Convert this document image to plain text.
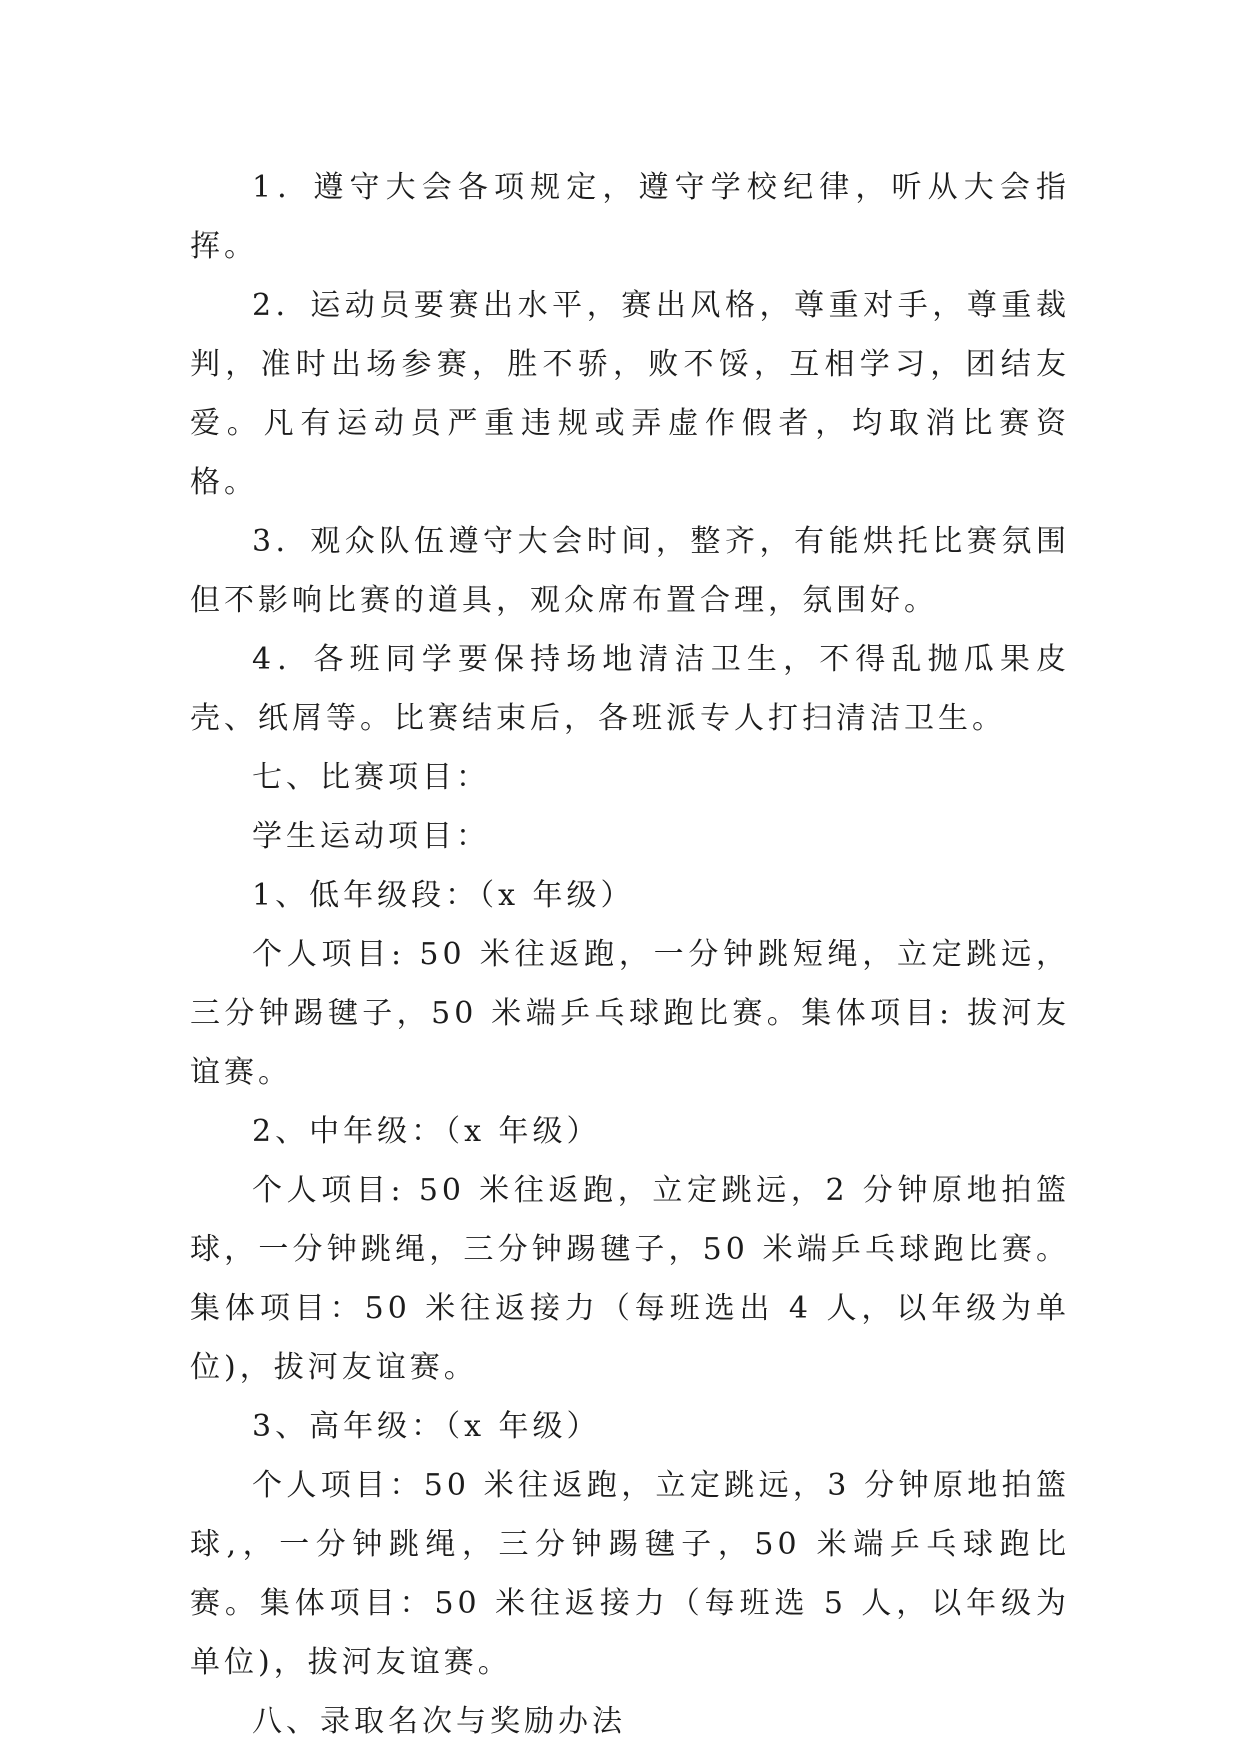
1．遵守大会各项规定，遵守学校纪律，听从大会指挥。

2．运动员要赛出水平，赛出风格，尊重对手，尊重裁判，准时出场参赛，胜不骄，败不馁，互相学习，团结友爱。凡有运动员严重违规或弄虚作假者，均取消比赛资格。

3．观众队伍遵守大会时间，整齐，有能烘托比赛氛围但不影响比赛的道具，观众席布置合理，氛围好。

4．各班同学要保持场地清洁卫生，不得乱抛瓜果皮壳、纸屑等。比赛结束后，各班派专人打扫清洁卫生。

七、比赛项目：

学生运动项目：

1、低年级段：（x 年级）

个人项目: 50 米往返跑，一分钟跳短绳，立定跳远，三分钟踢毽子，50 米端乒乓球跑比赛。集体项目: 拔河友谊赛。

2、中年级：（x 年级）

个人项目: 50 米往返跑，立定跳远，2 分钟原地拍篮球，一分钟跳绳，三分钟踢毽子，50 米端乒乓球跑比赛。集体项目：50 米往返接力（每班选出 4 人，以年级为单位)，拔河友谊赛。

3、高年级：（x 年级）

个人项目：50 米往返跑，立定跳远，3 分钟原地拍篮球,，一分钟跳绳，三分钟踢毽子，50 米端乒乓球跑比赛。集体项目：50 米往返接力（每班选 5 人，以年级为单位)，拔河友谊赛。

八、录取名次与奖励办法
